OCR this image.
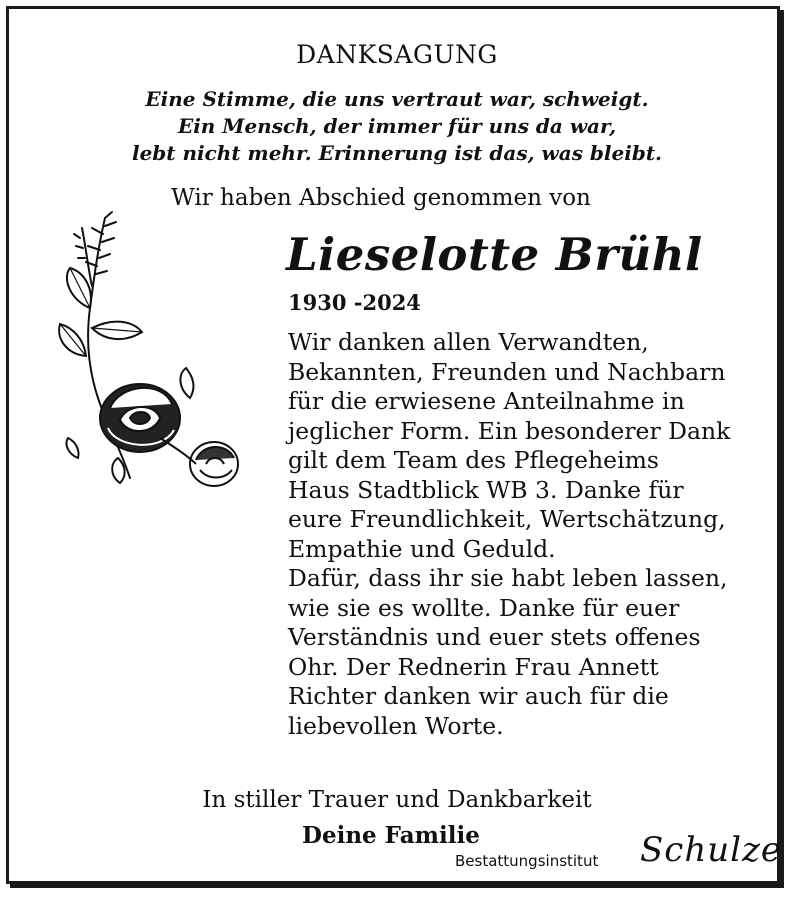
DANKSAGUNG
Eine Stimme, die uns vertraut war, schweigt.
Ein Mensch, der immer für uns da war,
lebt nicht mehr. Erinnerung ist das, was bleibt.
Wir haben Abschied genommen von
Lieselotte Brühl
1930 -2024
Wir danken allen Verwandten,
Bekannten, Freunden und Nachbarn
für die erwiesene Anteilnahme in
jeglicher Form. Ein besonderer Dank
gilt dem Team des Pflegeheims
Haus Stadtblick WB 3. Danke für
eure Freundlichkeit, Wertschätzung,
Empathie und Geduld.
Dafür, dass ihr sie habt leben lassen,
wie sie es wollte. Danke für euer
Verständnis und euer stets offenes
Ohr. Der Rednerin Frau Annett
Richter danken wir auch für die
liebevollen Worte.
In stiller Trauer und Dankbarkeit
Deine Familie
Bestattungsinstitut Schulze
